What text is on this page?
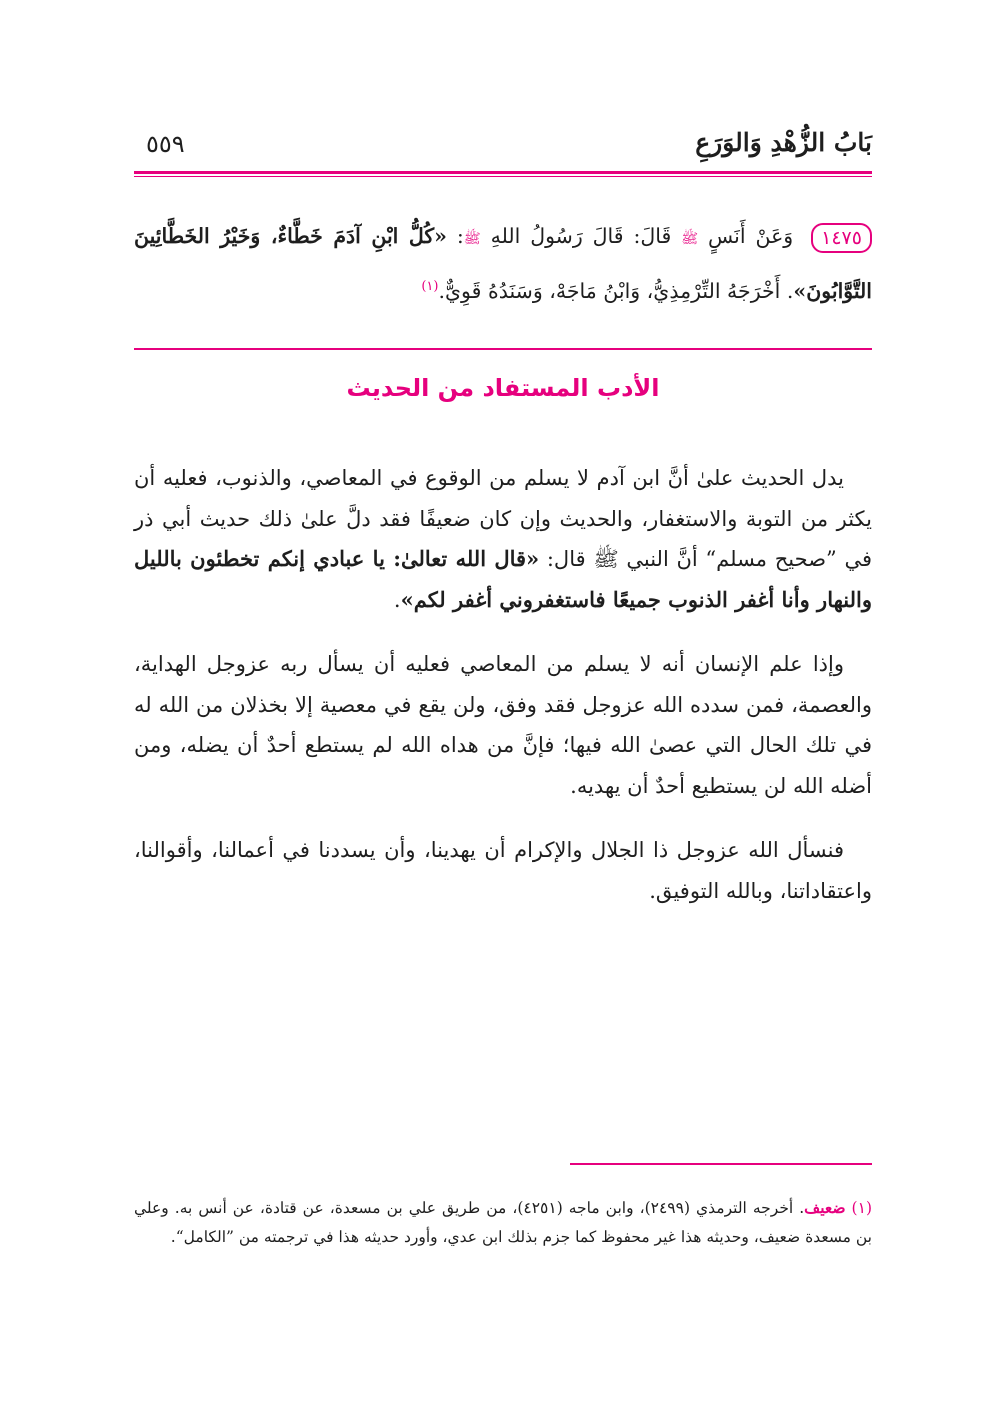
بَابُ الزُّهْدِ وَالوَرَعِ
٥٥٩
١٤٧٥ وَعَنْ أَنَسٍ ﷺ قَالَ: قَالَ رَسُولُ اللهِ ﷺ: «كُلُّ ابْنِ آدَمَ خَطَّاءٌ، وَخَيْرُ الخَطَّائِينَ التَّوَّابُونَ». أَخْرَجَهُ التِّرْمِذِيُّ، وَابْنُ مَاجَهْ، وَسَنَدُهُ قَوِيٌّ.$^{(١)}$
الأدب المستفاد من الحديث

يدل الحديث علىٰ أنَّ ابن آدم لا يسلم من الوقوع في المعاصي، والذنوب، فعليه أن يكثر من التوبة والاستغفار، والحديث وإن كان ضعيفًا فقد دلَّ علىٰ ذلك حديث أبي ذر في ”صحيح مسلم“ أنَّ النبي ﷺ قال: «قال الله تعالىٰ: يا عبادي إنكم تخطئون بالليل والنهار وأنا أغفر الذنوب جميعًا فاستغفروني أغفر لكم».

وإذا علم الإنسان أنه لا يسلم من المعاصي فعليه أن يسأل ربه عزوجل الهداية، والعصمة، فمن سدده الله عزوجل فقد وفق، ولن يقع في معصية إلا بخذلان من الله له في تلك الحال التي عصىٰ الله فيها؛ فإنَّ من هداه الله لم يستطع أحدٌ أن يضله، ومن أضله الله لن يستطيع أحدٌ أن يهديه.

فنسأل الله عزوجل ذا الجلال والإكرام أن يهدينا، وأن يسددنا في أعمالنا، وأقوالنا، واعتقاداتنا، وبالله التوفيق.

(١) ضعيف. أخرجه الترمذي (٢٤٩٩)، وابن ماجه (٤٢٥١)، من طريق علي بن مسعدة، عن قتادة، عن أنس به. وعلي بن مسعدة ضعيف، وحديثه هذا غير محفوظ كما جزم بذلك ابن عدي، وأورد حديثه هذا في ترجمته من ”الكامل“.
